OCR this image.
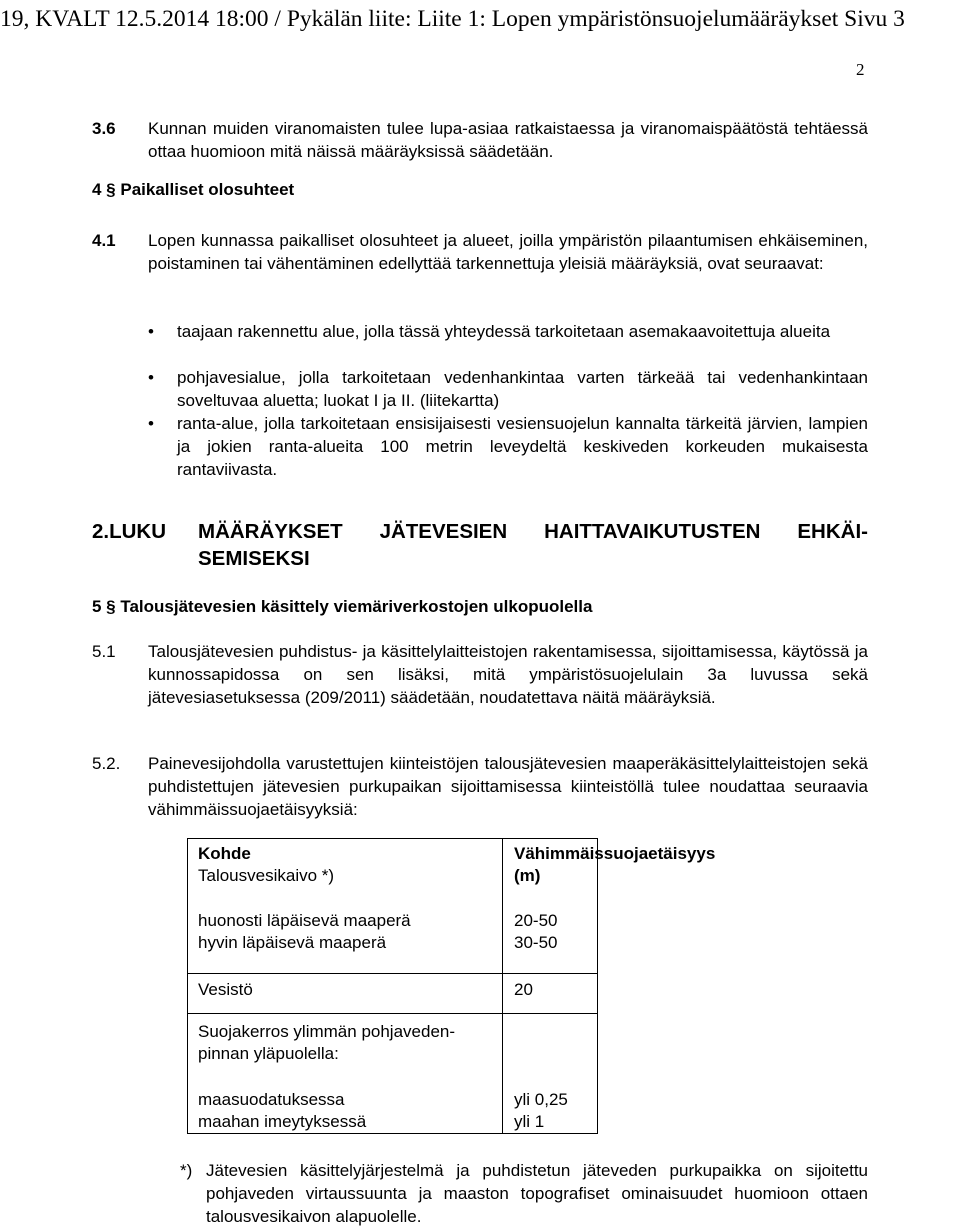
19, KVALT 12.5.2014 18:00 / Pykälän liite: Liite 1: Lopen ympäristönsuojelumääräykset Sivu 3
2
3.6 Kunnan muiden viranomaisten tulee lupa-asiaa ratkaistaessa ja viranomaispäätöstä tehtäessä ottaa huomioon mitä näissä määräyksissä säädetään.
4 § Paikalliset olosuhteet
4.1 Lopen kunnassa paikalliset olosuhteet ja alueet, joilla ympäristön pilaantumisen ehkäiseminen, poistaminen tai vähentäminen edellyttää tarkennettuja yleisiä määräyksiä, ovat seuraavat:
• taajaan rakennettu alue, jolla tässä yhteydessä tarkoitetaan asemakaavoitettuja alueita
• pohjavesialue, jolla tarkoitetaan vedenhankintaa varten tärkeää tai vedenhankintaan soveltuvaa aluetta; luokat I ja II. (liitekartta)
• ranta-alue, jolla tarkoitetaan ensisijaisesti vesiensuojelun kannalta tärkeitä järvien, lampien ja jokien ranta-alueita 100 metrin leveydeltä keskiveden korkeuden mukaisesta rantaviivasta.
2.LUKU MÄÄRÄYKSET JÄTEVESIEN HAITTAVAIKUTUSTEN EHKÄI-
SEMISEKSI
5 § Talousjätevesien käsittely viemäriverkostojen ulkopuolella
5.1 Talousjätevesien puhdistus- ja käsittelylaitteistojen rakentamisessa, sijoittamisessa, käytössä ja kunnossapidossa on sen lisäksi, mitä ympäristösuojelulain 3a luvussa sekä jätevesiasetuksessa (209/2011) säädetään, noudatettava näitä määräyksiä.
5.2. Painevesijohdolla varustettujen kiinteistöjen talousjätevesien maaperäkäsittelylaitteistojen sekä puhdistettujen jätevesien purkupaikan sijoittamisessa kiinteistöllä tulee noudattaa seuraavia vähimmäissuojaetäisyyksiä:
Kohde	Vähimmäissuojaetäisyys (m)
Talousvesikaivo *)
huonosti läpäisevä maaperä	20-50
hyvin läpäisevä maaperä	30-50
Vesistö	20
Suojakerros ylimmän pohjaveden-
pinnan yläpuolella:
maasuodatuksessa	yli 0,25
maahan imeytyksessä	yli 1
*) Jätevesien käsittelyjärjestelmä ja puhdistetun jäteveden purkupaikka on sijoitettu pohjaveden virtaussuunta ja maaston topografiset ominaisuudet huomioon ottaen talousvesikaivon alapuolelle.
